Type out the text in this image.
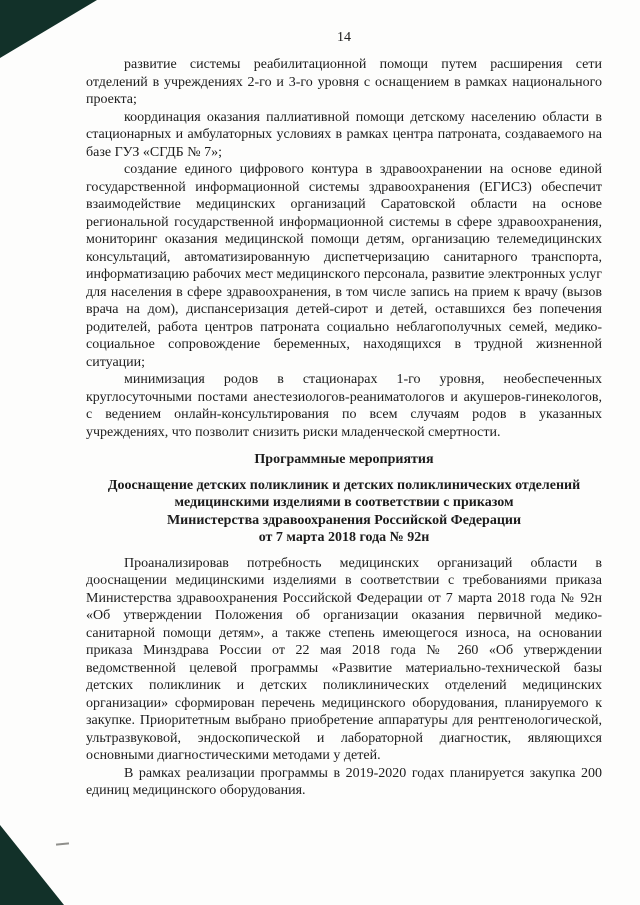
14

развитие системы реабилитационной помощи путем расширения сети отделений в учреждениях 2-го и 3-го уровня с оснащением в рамках национального проекта;

координация оказания паллиативной помощи детскому населению области в стационарных и амбулаторных условиях в рамках центра патроната, создаваемого на базе ГУЗ «СГДБ № 7»;

создание единого цифрового контура в здравоохранении на основе единой государственной информационной системы здравоохранения (ЕГИСЗ) обеспечит взаимодействие медицинских организаций Саратовской области на основе региональной государственной информационной системы в сфере здравоохранения, мониторинг оказания медицинской помощи детям, организацию телемедицинских консультаций, автоматизированную диспетчеризацию санитарного транспорта, информатизацию рабочих мест медицинского персонала, развитие электронных услуг для населения в сфере здравоохранения, в том числе запись на прием к врачу (вызов врача на дом), диспансеризация детей-сирот и детей, оставшихся без попечения родителей, работа центров патроната социально неблагополучных семей, медико-социальное сопровождение беременных, находящихся в трудной жизненной ситуации;

минимизация родов в стационарах 1-го уровня, необеспеченных круглосуточными постами анестезиологов-реаниматологов и акушеров-гинекологов, с ведением онлайн-консультирования по всем случаям родов в указанных учреждениях, что позволит снизить риски младенческой смертности.

Программные мероприятия
Дооснащение детских поликлиник и детских поликлинических отделений
медицинскими изделиями в соответствии с приказом
Министерства здравоохранения Российской Федерации
от 7 марта 2018 года № 92н

Проанализировав потребность медицинских организаций области в дооснащении медицинскими изделиями в соответствии с требованиями приказа Министерства здравоохранения Российской Федерации от 7 марта 2018 года № 92н «Об утверждении Положения об организации оказания первичной медико-санитарной помощи детям», а также степень имеющегося износа, на основании приказа Минздрава России от 22 мая 2018 года № 260 «Об утверждении ведомственной целевой программы «Развитие материально-технической базы детских поликлиник и детских поликлинических отделений медицинских организации» сформирован перечень медицинского оборудования, планируемого к закупке. Приоритетным выбрано приобретение аппаратуры для рентгенологической, ультразвуковой, эндоскопической и лабораторной диагностик, являющихся основными диагностическими методами у детей.

В рамках реализации программы в 2019-2020 годах планируется закупка 200 единиц медицинского оборудования.
